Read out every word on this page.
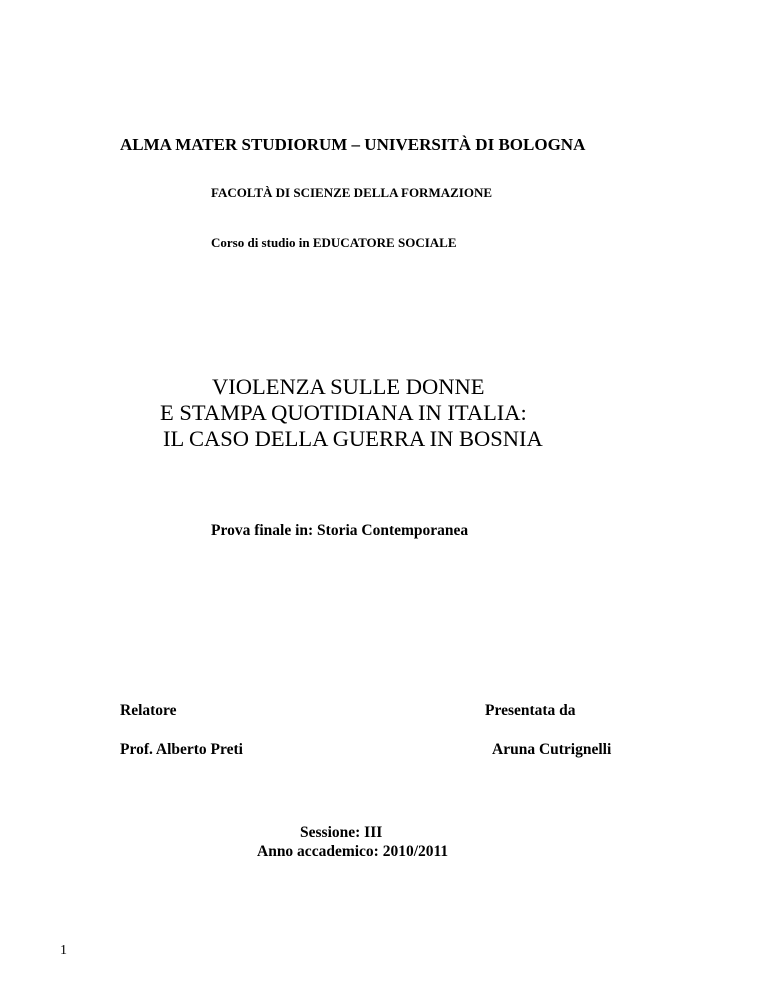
ALMA MATER STUDIORUM – UNIVERSITÀ DI BOLOGNA
FACOLTÀ DI SCIENZE DELLA FORMAZIONE
Corso di studio in EDUCATORE SOCIALE
VIOLENZA SULLE DONNE
E STAMPA QUOTIDIANA IN ITALIA:
IL CASO DELLA GUERRA IN BOSNIA
Prova finale in: Storia Contemporanea
Relatore
Prof. Alberto Preti
Presentata da
Aruna Cutrignelli
Sessione: III
Anno accademico: 2010/2011
1
